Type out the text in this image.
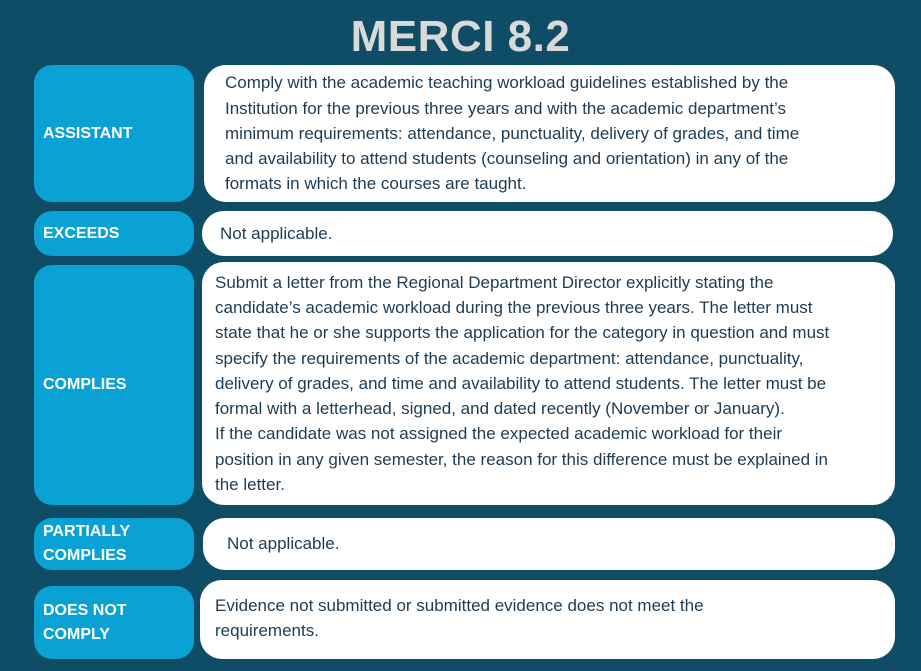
MERCI 8.2
ASSISTANT
Comply with the academic teaching workload guidelines established by the
Institution for the previous three years and with the academic department’s
minimum requirements: attendance, punctuality, delivery of grades, and time
and availability to attend students (counseling and orientation) in any of the
formats in which the courses are taught.
EXCEEDS	Not applicable.
COMPLIES
Submit a letter from the Regional Department Director explicitly stating the
candidate’s academic workload during the previous three years. The letter must
state that he or she supports the application for the category in question and must
specify the requirements of the academic department: attendance, punctuality,
delivery of grades, and time and availability to attend students. The letter must be
formal with a letterhead, signed, and dated recently (November or January).
If the candidate was not assigned the expected academic workload for their
position in any given semester, the reason for this difference must be explained in
the letter.
PARTIALLY
COMPLIES
Not applicable.
DOES NOT
COMPLY
Evidence not submitted or submitted evidence does not meet the
requirements.
